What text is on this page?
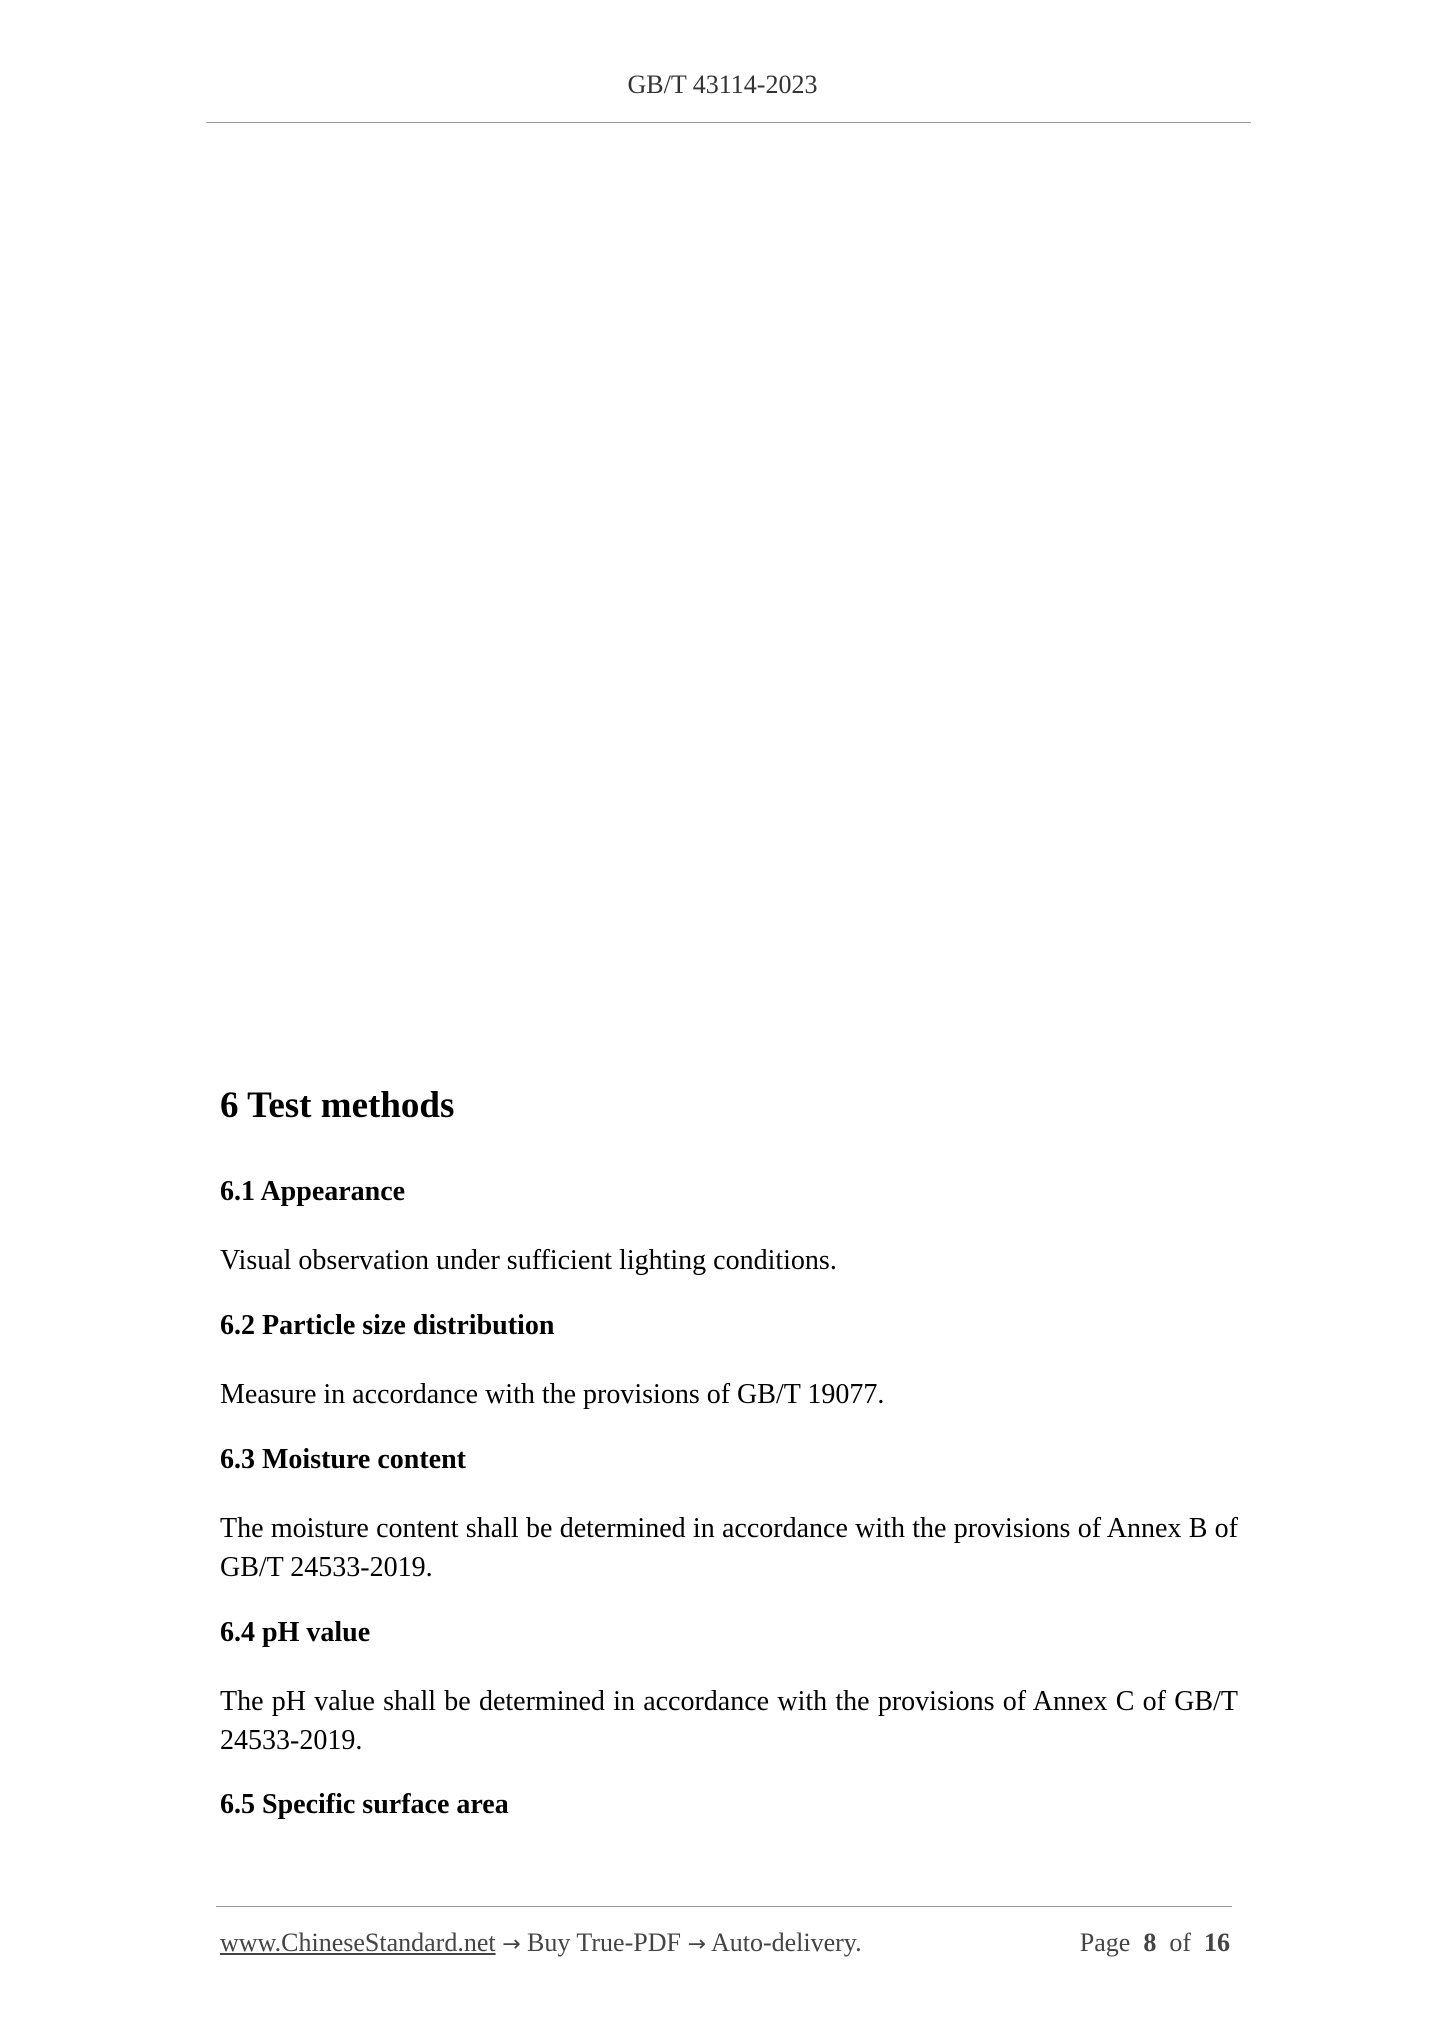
GB/T 43114-2023
6 Test methods
6.1 Appearance

Visual observation under sufficient lighting conditions.

6.2 Particle size distribution

Measure in accordance with the provisions of GB/T 19077.

6.3 Moisture content

The moisture content shall be determined in accordance with the provisions of Annex B of GB/T 24533-2019.

6.4 pH value

The pH value shall be determined in accordance with the provisions of Annex C of GB/T 24533-2019.

6.5 Specific surface area
www.ChineseStandard.net → Buy True-PDF → Auto-delivery.	Page 8 of 16
